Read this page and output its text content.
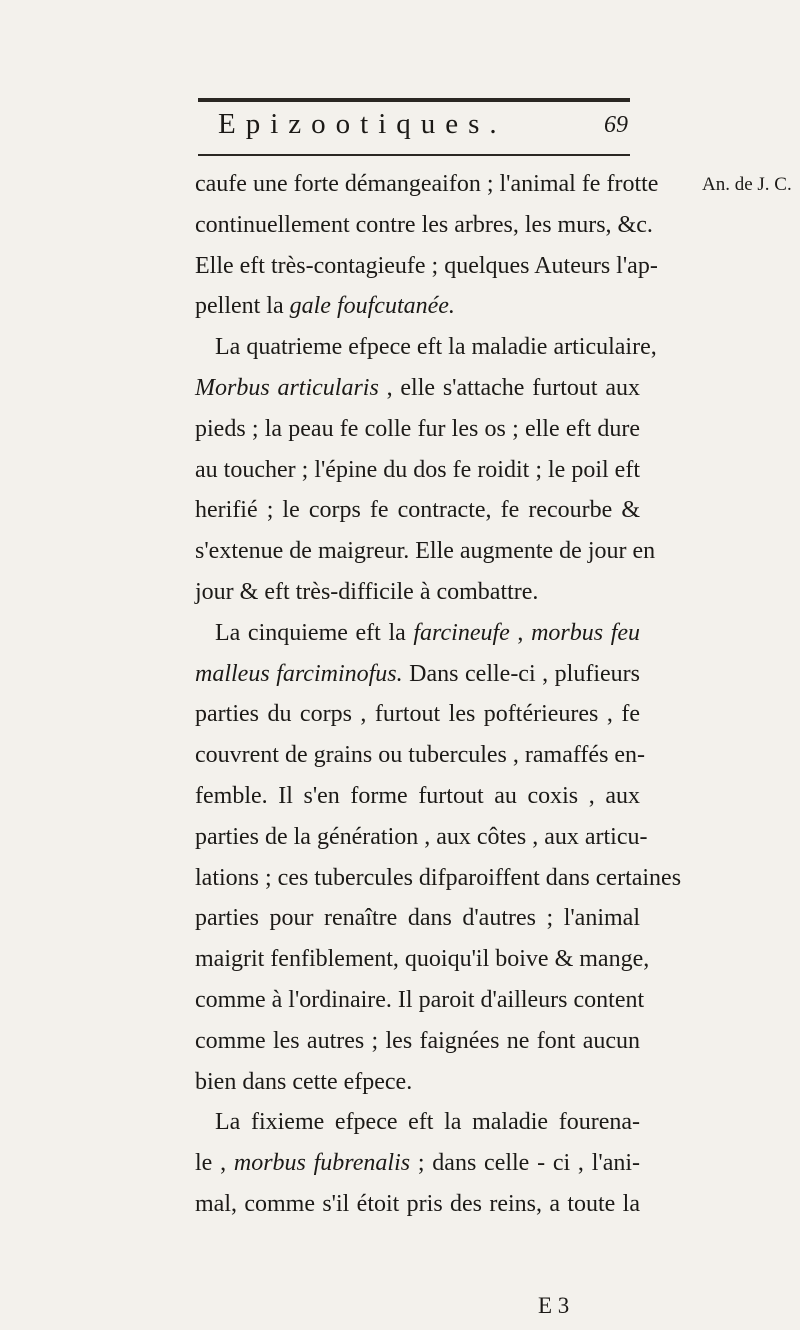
Epizootiques.	69
An. de J. C.
caufe une forte démangeaifon ; l'animal fe frotte
continuellement contre les arbres, les murs, &c.
Elle eft très-contagieufe ; quelques Auteurs l'ap-
pellent la gale foufcutanée.
La quatrieme efpece eft la maladie articulaire,
Morbus articularis , elle s'attache furtout aux
pieds ; la peau fe colle fur les os ; elle eft dure
au toucher ; l'épine du dos fe roidit ; le poil eft
herifié ; le corps fe contracte, fe recourbe &
s'extenue de maigreur. Elle augmente de jour en
jour & eft très-difficile à combattre.
La cinquieme eft la farcineufe , morbus feu
malleus farciminofus. Dans celle-ci , plufieurs
parties du corps , furtout les poftérieures , fe
couvrent de grains ou tubercules , ramaffés en-
femble. Il s'en forme furtout au coxis , aux
parties de la génération , aux côtes , aux articu-
lations ; ces tubercules difparoiffent dans certaines
parties pour renaître dans d'autres ; l'animal
maigrit fenfiblement, quoiqu'il boive & mange,
comme à l'ordinaire. Il paroit d'ailleurs content
comme les autres ; les faignées ne font aucun
bien dans cette efpece.
La fixieme efpece eft la maladie fourena-
le , morbus fubrenalis ; dans celle - ci , l'ani-
mal, comme s'il étoit pris des reins, a toute la
E 3
